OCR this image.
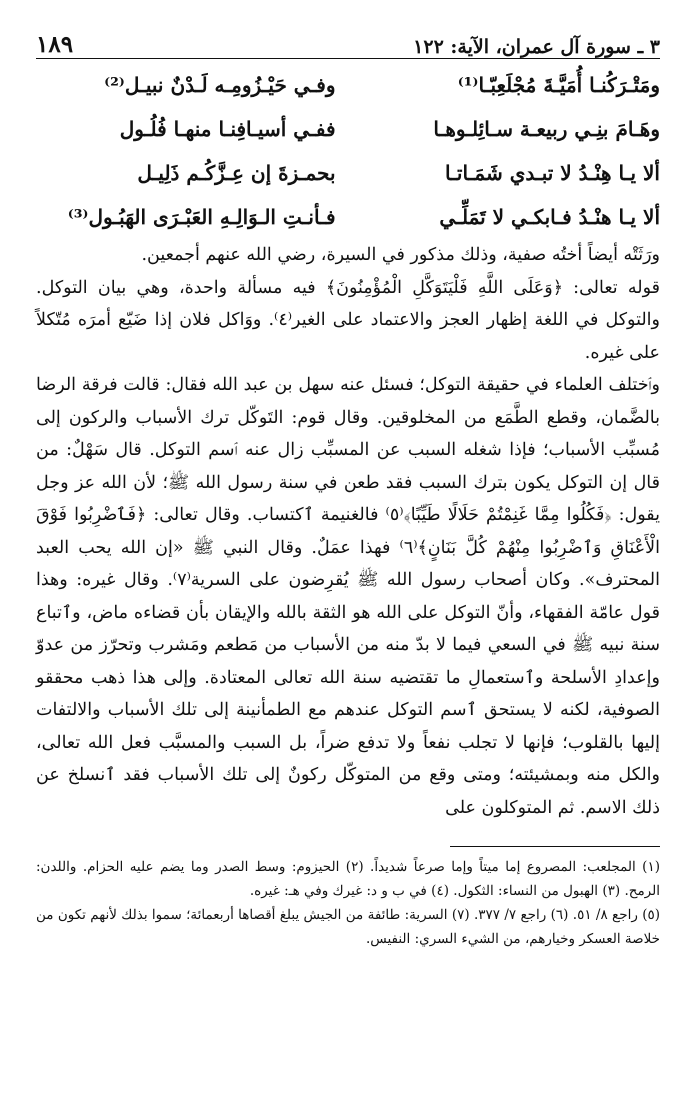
٣ ـ سورة آل عمران، الآية: ١٢٢
١٨٩
ومَتْـرَكُنـا أُمَيَّـةَ مُجْلَعِبّـا⁽¹⁾
وفـي حَيْـزُومِـه لَـدْنٌ نبيـل⁽²⁾
وهَـامَ بنِـي ربيعـة سـائِلـوهـا
ففـي أسيـافِنـا منهـا فُلُـول
ألا يـا هِنْـدُ لا تبـدي شَمَـاتـا
بحمـزةَ إن عِـزَّكُـم ذَلِيـل
ألا يـا هنْـدُ فـابكـي لا تَمَلِّـي
فـأنـتِ الـوَالِـهِ العَبْـرَى الهَبُـول⁽³⁾

ورَثَتْه أيضاً أختُه صفية، وذلك مذكور في السيرة، رضي الله عنهم أجمعين.

قوله تعالى: ﴿وَعَلَى اللَّهِ فَلْيَتَوَكَّلِ الْمُؤْمِنُونَ﴾ فيه مسألة واحدة، وهي بيان التوكل. والتوكل في اللغة إظهار العجز والاعتماد على الغير⁽٤⁾. ووَاكل فلان إذا ضَيّع أمرَه مُتّكلاً على غيره.

وٱختلف العلماء في حقيقة التوكل؛ فسئل عنه سهل بن عبد الله فقال: قالت فرقة الرضا بالضَّمان، وقطع الطَّمَع من المخلوقين. وقال قوم: التَوكّل ترك الأسباب والركون إلى مُسبِّب الأسباب؛ فإذا شغله السبب عن المسبِّب زال عنه ٱسم التوكل. قال سَهْلٌ: من قال إن التوكل يكون بترك السبب فقد طعن في سنة رسول الله ﷺ؛ لأن الله عز وجل يقول: ﴿فَكُلُوا مِمَّا غَنِمْتُمْ حَلَالًا طَيِّبًا﴾⁽٥⁾ فالغنيمة ٱكتساب. وقال تعالى: ﴿فَٱضْرِبُوا فَوْقَ الْأَعْنَاقِ وَٱضْرِبُوا مِنْهُمْ كُلَّ بَنَانٍ﴾⁽٦⁾ فهذا عمَلٌ. وقال النبي ﷺ «إن الله يحب العبد المحترف». وكان أصحاب رسول الله ﷺ يُقرِضون على السرية⁽٧⁾. وقال غيره: وهذا قول عامّة الفقهاء، وأنّ التوكل على الله هو الثقة بالله والإيقان بأن قضاءه ماض، وٱتباع سنة نبيه ﷺ في السعي فيما لا بدّ منه من الأسباب من مَطعم ومَشرب وتحرّز من عدوّ وإعدادِ الأسلحة وٱستعمالِ ما تقتضيه سنة الله تعالى المعتادة. وإلى هذا ذهب محققو الصوفية، لكنه لا يستحق ٱسم التوكل عندهم مع الطمأنينة إلى تلك الأسباب والالتفات إليها بالقلوب؛ فإنها لا تجلب نفعاً ولا تدفع ضراً، بل السبب والمسبَّب فعل الله تعالى، والكل منه وبمشيئته؛ ومتى وقع من المتوكّل ركونٌ إلى تلك الأسباب فقد ٱنسلخ عن ذلك الاسم. ثم المتوكلون على

(١) المجلعب: المصروع إما ميتاً وإما صرعاً شديداً. (٢) الحيزوم: وسط الصدر وما يضم عليه الحزام. واللدن: الرمح. (٣) الهبول من النساء: الثكول. (٤) في ب و د: غيرك وفي هـ: غيره.

(٥) راجع ٨/ ٥١. (٦) راجع ٧/ ٣٧٧. (٧) السرية: طائفة من الجيش يبلغ أقصاها أربعمائة؛ سموا بذلك لأنهم تكون من خلاصة العسكر وخيارهم، من الشيء السري: النفيس.
